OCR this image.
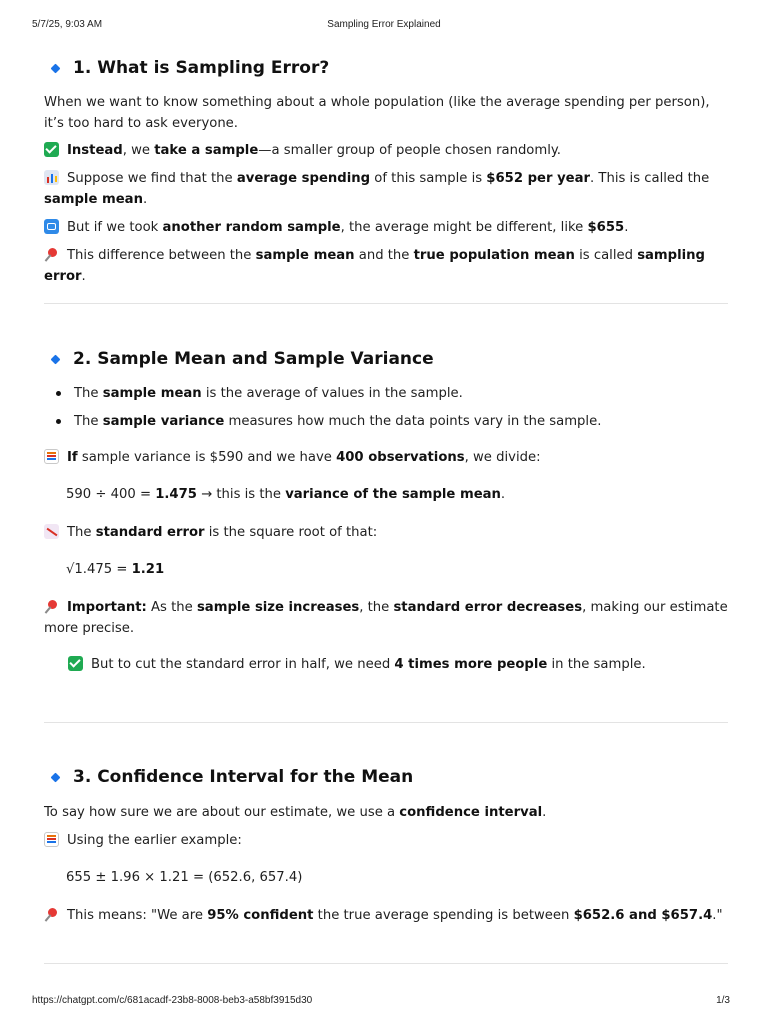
5/7/25, 9:03 AM	Sampling Error Explained
1. What is Sampling Error?

When we want to know something about a whole population (like the average spending per person), it’s too hard to ask everyone.

Instead, we take a sample—a smaller group of people chosen randomly.

Suppose we find that the average spending of this sample is $652 per year. This is called the sample mean.

But if we took another random sample, the average might be different, like $655.

This difference between the sample mean and the true population mean is called sampling error.

2. Sample Mean and Sample Variance
The sample mean is the average of values in the sample.
The sample variance measures how much the data points vary in the sample.

If sample variance is $590 and we have 400 observations, we divide:

590 ÷ 400 = 1.475 → this is the variance of the sample mean.

The standard error is the square root of that:

√1.475 = 1.21

Important: As the sample size increases, the standard error decreases, making our estimate more precise.

But to cut the standard error in half, we need 4 times more people in the sample.

3. Confidence Interval for the Mean

To say how sure we are about our estimate, we use a confidence interval.

Using the earlier example:

655 ± 1.96 × 1.21 = (652.6, 657.4)

This means: "We are 95% confident the true average spending is between $652.6 and $657.4."

https://chatgpt.com/c/681acadf-23b8-8008-beb3-a58bf3915d30	1/3
